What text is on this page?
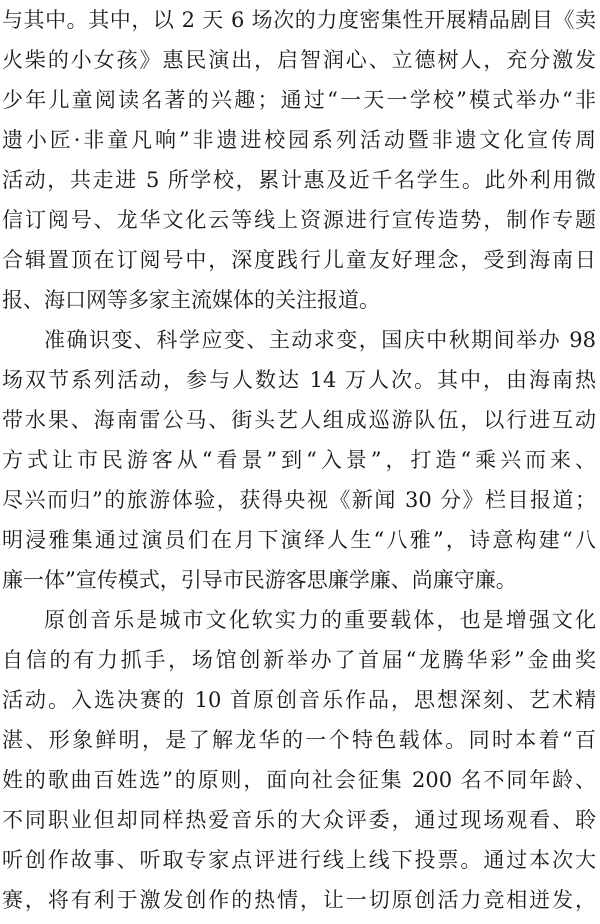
与其中。其中，以 2 天 6 场次的力度密集性开展精品剧目《卖
火柴的小女孩》惠民演出，启智润心、立德树人，充分激发
少年儿童阅读名著的兴趣；通过“一天一学校”模式举办“非
遗小匠·非童凡响”非遗进校园系列活动暨非遗文化宣传周
活动，共走进 5 所学校，累计惠及近千名学生。此外利用微
信订阅号、龙华文化云等线上资源进行宣传造势，制作专题
合辑置顶在订阅号中，深度践行儿童友好理念，受到海南日
报、海口网等多家主流媒体的关注报道。
准确识变、科学应变、主动求变，国庆中秋期间举办 98
场双节系列活动，参与人数达 14 万人次。其中，由海南热
带水果、海南雷公马、街头艺人组成巡游队伍，以行进互动
方式让市民游客从“看景”到“入景”，打造“乘兴而来、
尽兴而归”的旅游体验，获得央视《新闻 30 分》栏目报道；
明浸雅集通过演员们在月下演绎人生“八雅”，诗意构建“八
廉一体”宣传模式，引导市民游客思廉学廉、尚廉守廉。
原创音乐是城市文化软实力的重要载体，也是增强文化
自信的有力抓手，场馆创新举办了首届“龙腾华彩”金曲奖
活动。入选决赛的 10 首原创音乐作品，思想深刻、艺术精
湛、形象鲜明，是了解龙华的一个特色载体。同时本着“百
姓的歌曲百姓选”的原则，面向社会征集 200 名不同年龄、
不同职业但却同样热爱音乐的大众评委，通过现场观看、聆
听创作故事、听取专家点评进行线上线下投票。通过本次大
赛，将有利于激发创作的热情，让一切原创活力竞相迸发，
